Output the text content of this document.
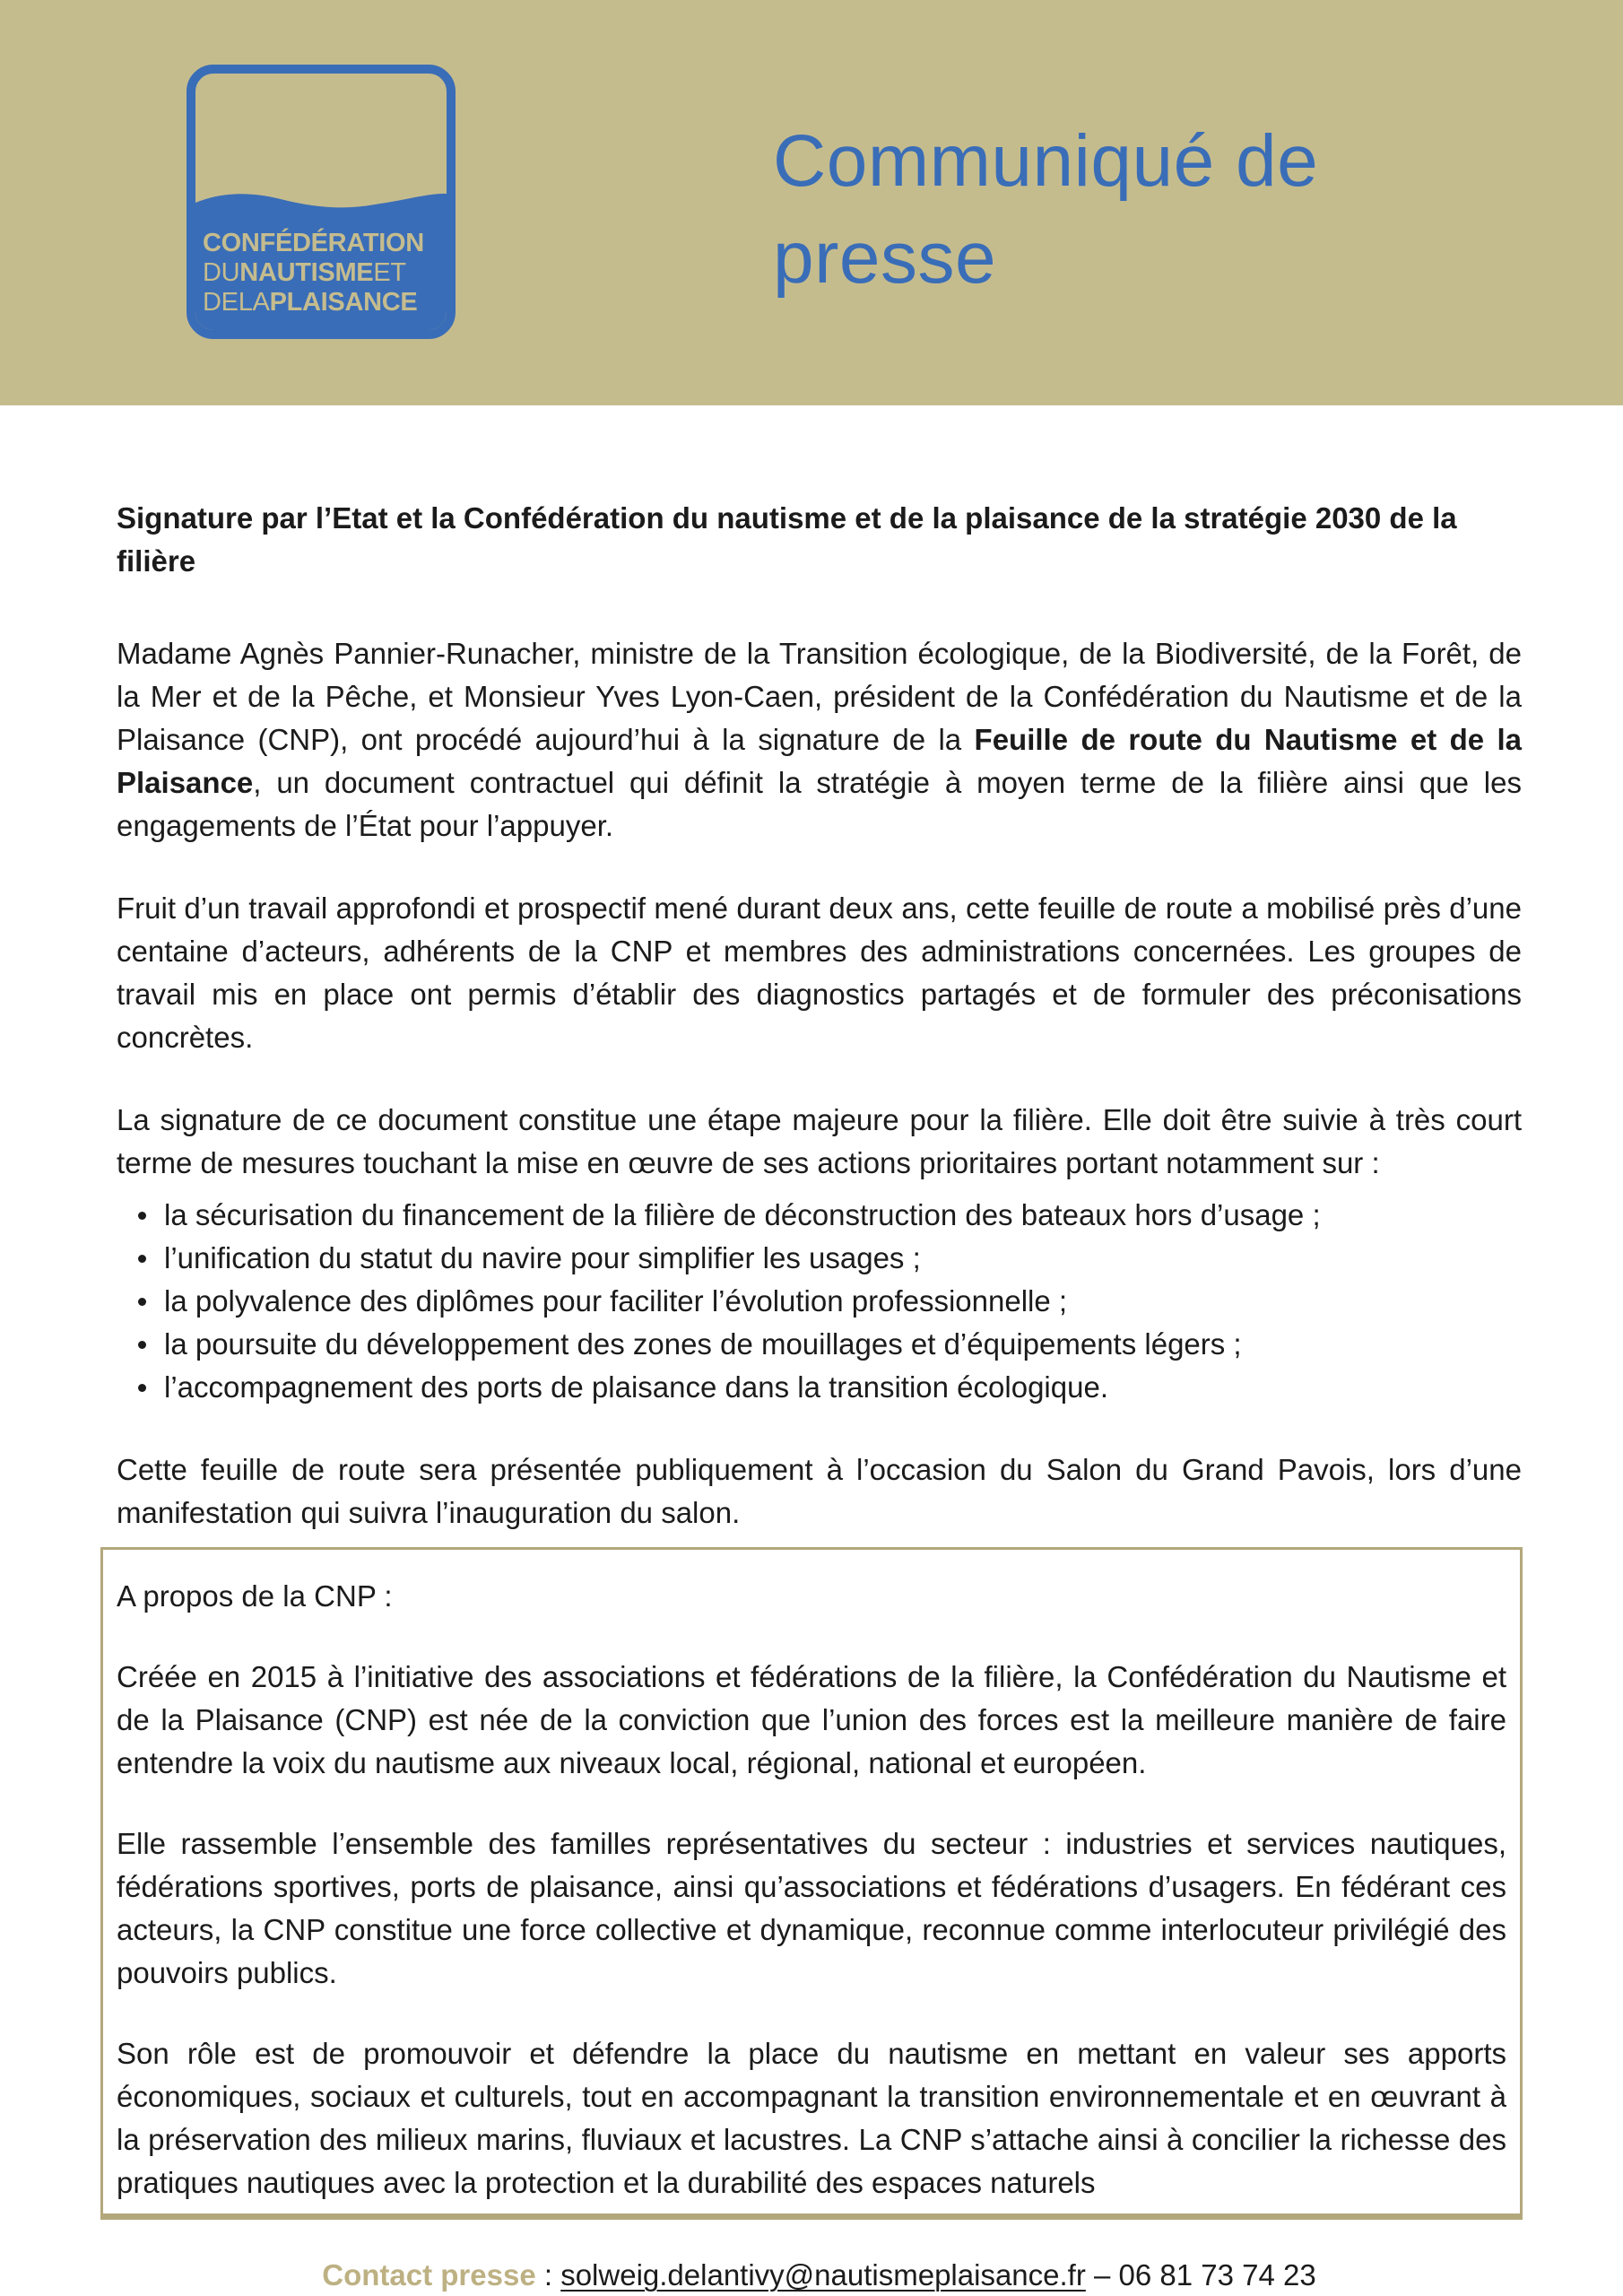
CONFÉDÉRATION
DUNAUTISMEET
DELAPLAISANCE
Communiqué de
presse

Signature par l’Etat et la Confédération du nautisme et de la plaisance de la stratégie 2030 de la filière

Madame Agnès Pannier-Runacher, ministre de la Transition écologique, de la Biodiversité, de la Forêt, de la Mer et de la Pêche, et Monsieur Yves Lyon-Caen, président de la Confédération du Nautisme et de la Plaisance (CNP), ont procédé aujourd’hui à la signature de la Feuille de route du Nautisme et de la Plaisance, un document contractuel qui définit la stratégie à moyen terme de la filière ainsi que les engagements de l’État pour l’appuyer.

Fruit d’un travail approfondi et prospectif mené durant deux ans, cette feuille de route a mobilisé près d’une centaine d’acteurs, adhérents de la CNP et membres des administrations concernées. Les groupes de travail mis en place ont permis d’établir des diagnostics partagés et de formuler des préconisations concrètes.

La signature de ce document constitue une étape majeure pour la filière. Elle doit être suivie à très court terme de mesures touchant la mise en œuvre de ses actions prioritaires portant notamment sur :

la sécurisation du financement de la filière de déconstruction des bateaux hors d’usage ;
l’unification du statut du navire pour simplifier les usages ;
la polyvalence des diplômes pour faciliter l’évolution professionnelle ;
la poursuite du développement des zones de mouillages et d’équipements légers ;
l’accompagnement des ports de plaisance dans la transition écologique.

Cette feuille de route sera présentée publiquement à l’occasion du Salon du Grand Pavois, lors d’une manifestation qui suivra l’inauguration du salon.

A propos de la CNP :

Créée en 2015 à l’initiative des associations et fédérations de la filière, la Confédération du Nautisme et de la Plaisance (CNP) est née de la conviction que l’union des forces est la meilleure manière de faire entendre la voix du nautisme aux niveaux local, régional, national et européen.

Elle rassemble l’ensemble des familles représentatives du secteur : industries et services nautiques, fédérations sportives, ports de plaisance, ainsi qu’associations et fédérations d’usagers. En fédérant ces acteurs, la CNP constitue une force collective et dynamique, reconnue comme interlocuteur privilégié des pouvoirs publics.

Son rôle est de promouvoir et défendre la place du nautisme en mettant en valeur ses apports économiques, sociaux et culturels, tout en accompagnant la transition environnementale et en œuvrant à la préservation des milieux marins, fluviaux et lacustres. La CNP s’attache ainsi à concilier la richesse des pratiques nautiques avec la protection et la durabilité des espaces naturels

Contact presse : solweig.delantivy@nautismeplaisance.fr – 06 81 73 74 23
